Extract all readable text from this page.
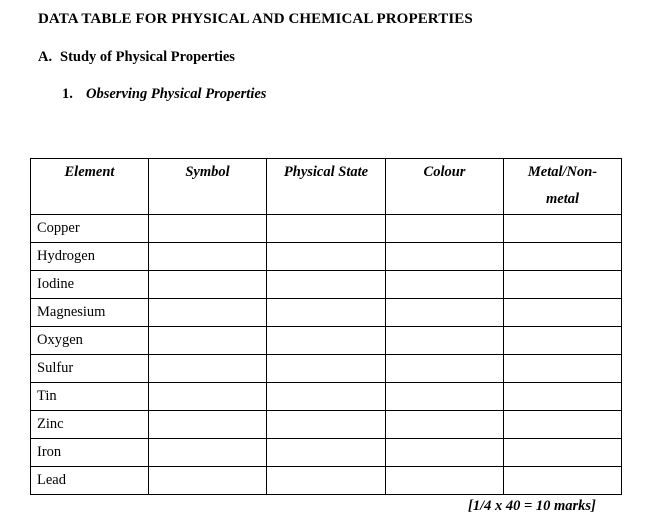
DATA TABLE FOR PHYSICAL AND CHEMICAL PROPERTIES
A. Study of Physical Properties
1. Observing Physical Properties
Element	Symbol	Physical State	Colour	Metal/Non-metal
Copper				
Hydrogen				
Iodine				
Magnesium				
Oxygen				
Sulfur				
Tin				
Zinc				
Iron				
Lead				
[1/4 x 40 = 10 marks]
